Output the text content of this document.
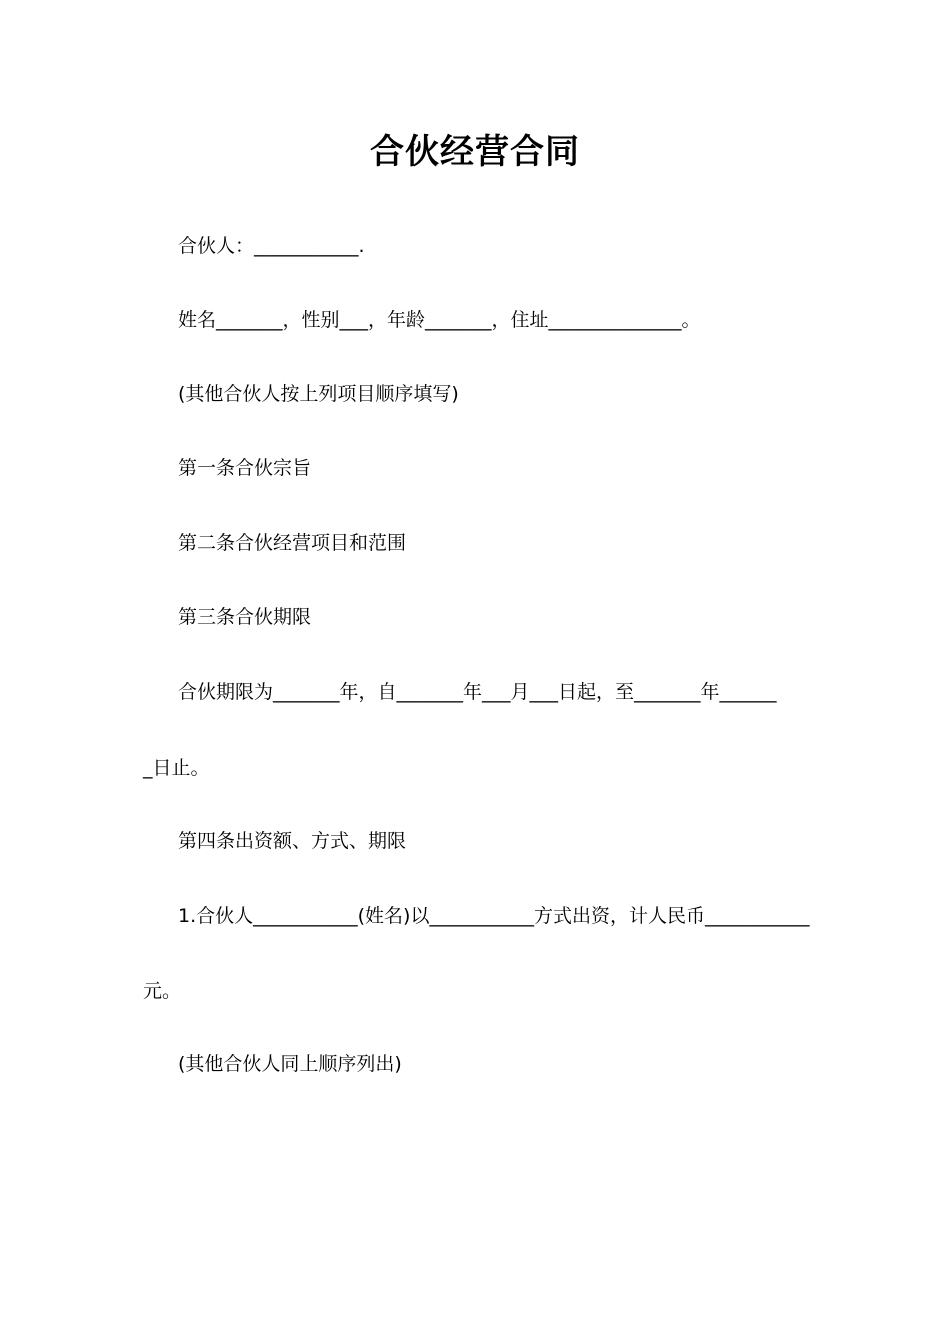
合伙经营合同
合伙人：___________.
姓名_______，性别___，年龄_______，住址______________。
(其他合伙人按上列项目顺序填写)
第一条合伙宗旨
第二条合伙经营项目和范围
第三条合伙期限
合伙期限为_______年，自_______年___月___日起，至_______年______
_日止。
第四条出资额、方式、期限
1.合伙人___________(姓名)以___________方式出资，计人民币___________
元。
(其他合伙人同上顺序列出)
